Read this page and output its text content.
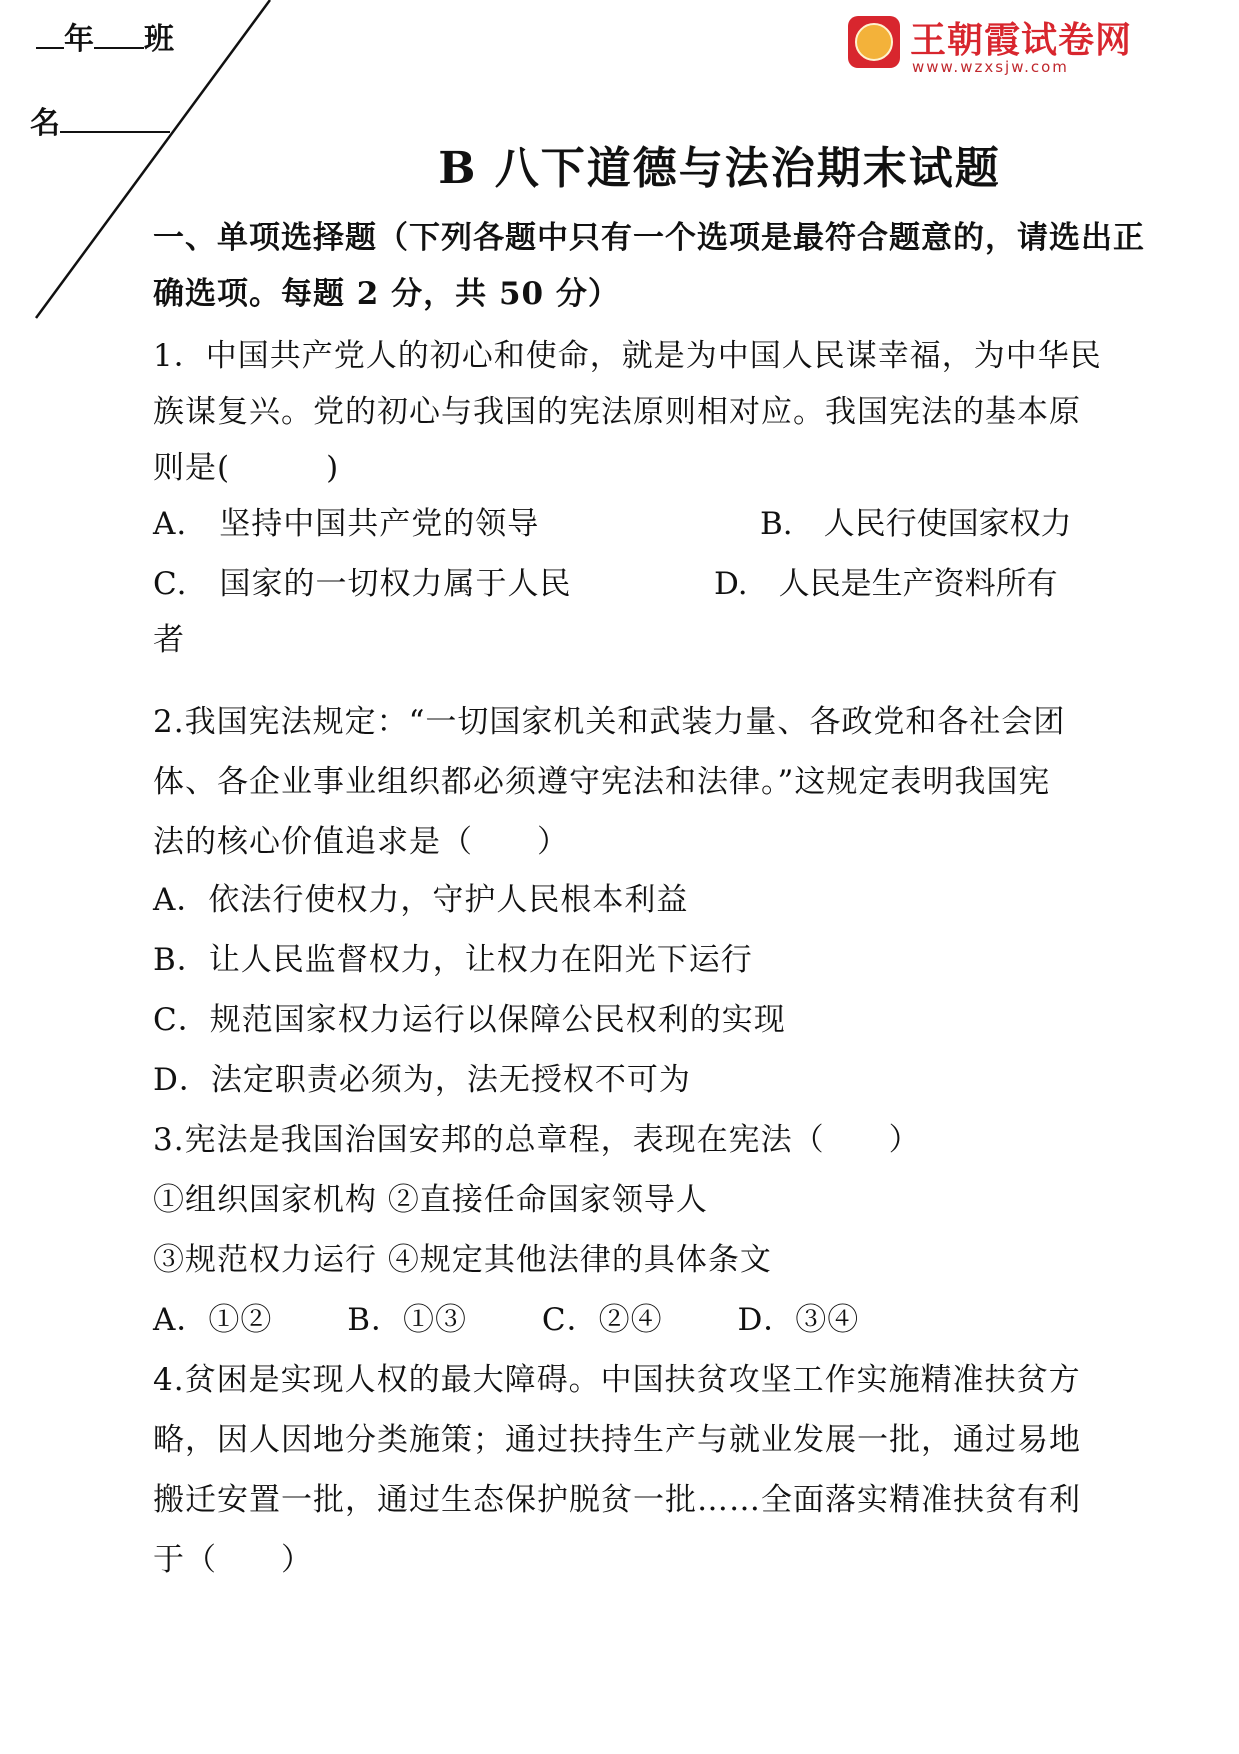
年 班
名
王朝霞试卷网
www.wzxsjw.com
B 八下道德与法治期末试题
一、单项选择题（下列各题中只有一个选项是最符合题意的，请选出正
确选项。每题 2 分，共 50 分）
1．中国共产党人的初心和使命，就是为中国人民谋幸福，为中华民
族谋复兴。党的初心与我国的宪法原则相对应。我国宪法的基本原
则是(　　　)
A.　坚持中国共产党的领导	B.　人民行使国家权力
C.　国家的一切权力属于人民	D.　人民是生产资料所有
者
2.我国宪法规定：“一切国家机关和武装力量、各政党和各社会团
体、各企业事业组织都必须遵守宪法和法律。”这规定表明我国宪
法的核心价值追求是（　　）
A．依法行使权力，守护人民根本利益
B．让人民监督权力，让权力在阳光下运行
C．规范国家权力运行以保障公民权利的实现
D．法定职责必须为，法无授权不可为
3.宪法是我国治国安邦的总章程，表现在宪法（　　）
①组织国家机构 ②直接任命国家领导人
③规范权力运行 ④规定其他法律的具体条文
A．①②　　 B．①③　　 C．②④　　 D．③④
4.贫困是实现人权的最大障碍。中国扶贫攻坚工作实施精准扶贫方
略，因人因地分类施策；通过扶持生产与就业发展一批，通过易地
搬迁安置一批，通过生态保护脱贫一批……全面落实精准扶贫有利
于（　　）
